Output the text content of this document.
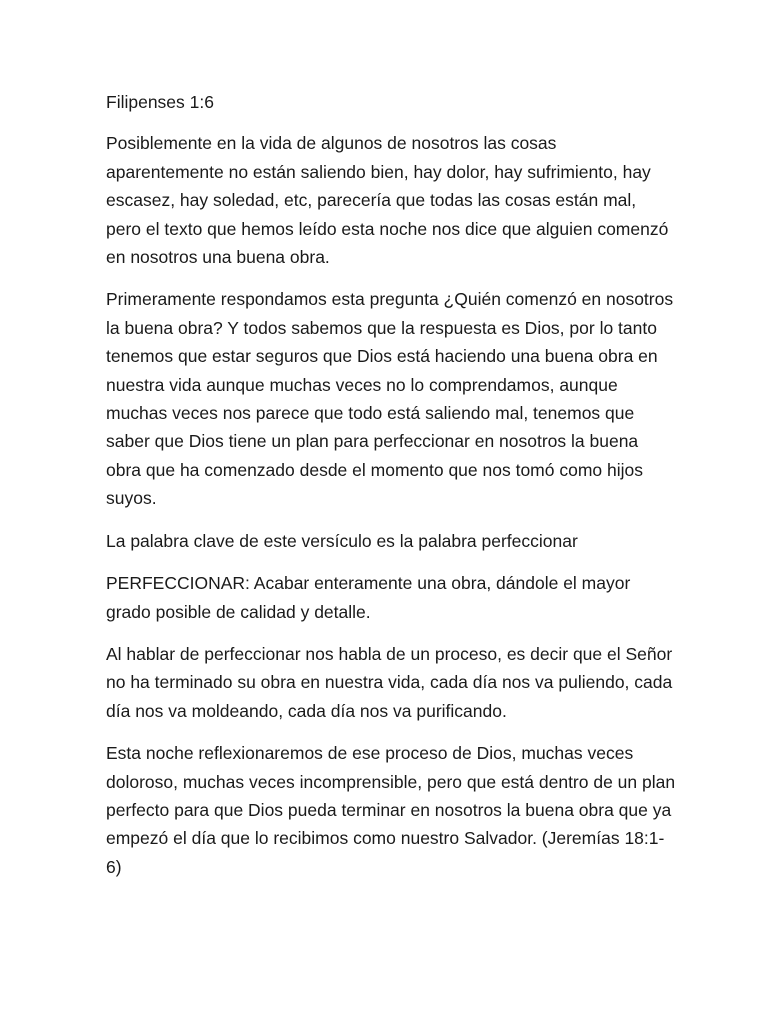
Filipenses 1:6

Posiblemente en la vida de algunos de nosotros las cosas aparentemente no están saliendo bien, hay dolor, hay sufrimiento, hay escasez, hay soledad, etc, parecería que todas las cosas están mal, pero el texto que hemos leído esta noche nos dice que alguien comenzó en nosotros una buena obra.

Primeramente respondamos esta pregunta ¿Quién comenzó en nosotros la buena obra? Y todos sabemos que la respuesta es Dios, por lo tanto tenemos que estar seguros que Dios está haciendo una buena obra en nuestra vida aunque muchas veces no lo comprendamos, aunque muchas veces nos parece que todo está saliendo mal, tenemos que saber que Dios tiene un plan para perfeccionar en nosotros la buena obra que ha comenzado desde el momento que nos tomó como hijos suyos.

La palabra clave de este versículo es la palabra perfeccionar

PERFECCIONAR: Acabar enteramente una obra, dándole el mayor grado posible de calidad y detalle.

Al hablar de perfeccionar nos habla de un proceso, es decir que el Señor no ha terminado su obra en nuestra vida, cada día nos va puliendo, cada día nos va moldeando, cada día nos va purificando.

Esta noche reflexionaremos de ese proceso de Dios, muchas veces doloroso, muchas veces incomprensible, pero que está dentro de un plan perfecto para que Dios pueda terminar en nosotros la buena obra que ya empezó el día que lo recibimos como nuestro Salvador. (Jeremías 18:1-6)
